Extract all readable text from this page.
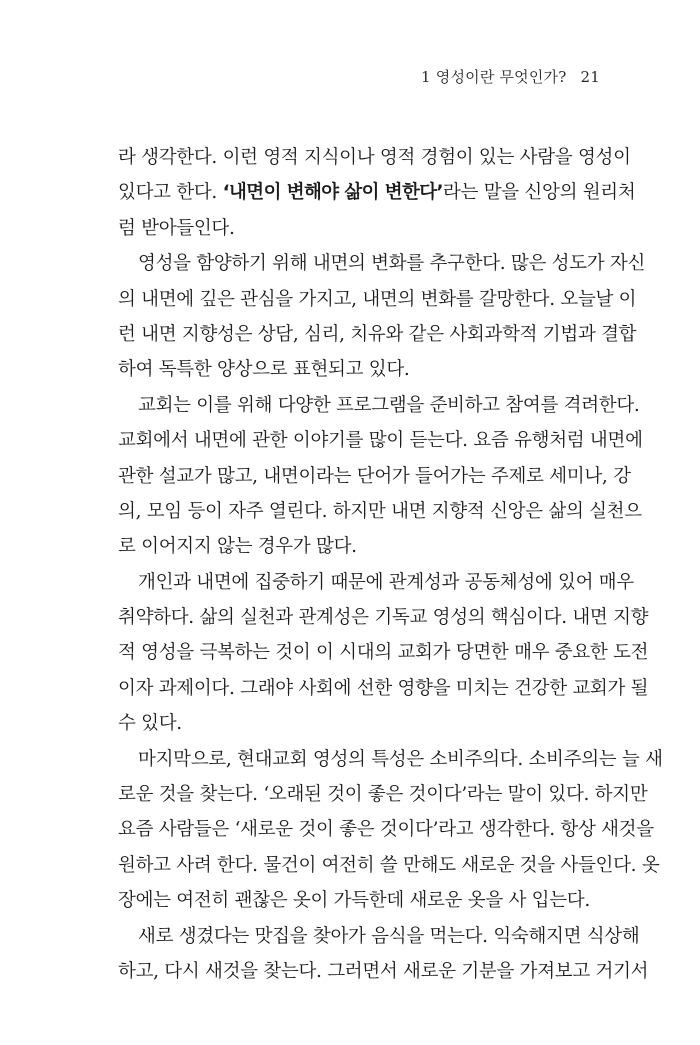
1 영성이란 무엇인가? 21
라 생각한다. 이런 영적 지식이나 영적 경험이 있는 사람을 영성이
있다고 한다. ‘내면이 변해야 삶이 변한다’라는 말을 신앙의 원리처
럼 받아들인다.
영성을 함양하기 위해 내면의 변화를 추구한다. 많은 성도가 자신
의 내면에 깊은 관심을 가지고, 내면의 변화를 갈망한다. 오늘날 이
런 내면 지향성은 상담, 심리, 치유와 같은 사회과학적 기법과 결합
하여 독특한 양상으로 표현되고 있다.
교회는 이를 위해 다양한 프로그램을 준비하고 참여를 격려한다.
교회에서 내면에 관한 이야기를 많이 듣는다. 요즘 유행처럼 내면에
관한 설교가 많고, 내면이라는 단어가 들어가는 주제로 세미나, 강
의, 모임 등이 자주 열린다. 하지만 내면 지향적 신앙은 삶의 실천으
로 이어지지 않는 경우가 많다.
개인과 내면에 집중하기 때문에 관계성과 공동체성에 있어 매우
취약하다. 삶의 실천과 관계성은 기독교 영성의 핵심이다. 내면 지향
적 영성을 극복하는 것이 이 시대의 교회가 당면한 매우 중요한 도전
이자 과제이다. 그래야 사회에 선한 영향을 미치는 건강한 교회가 될
수 있다.
마지막으로, 현대교회 영성의 특성은 소비주의다. 소비주의는 늘 새
로운 것을 찾는다. ‘오래된 것이 좋은 것이다’라는 말이 있다. 하지만
요즘 사람들은 ‘새로운 것이 좋은 것이다’라고 생각한다. 항상 새것을
원하고 사려 한다. 물건이 여전히 쓸 만해도 새로운 것을 사들인다. 옷
장에는 여전히 괜찮은 옷이 가득한데 새로운 옷을 사 입는다.
새로 생겼다는 맛집을 찾아가 음식을 먹는다. 익숙해지면 식상해
하고, 다시 새것을 찾는다. 그러면서 새로운 기분을 가져보고 거기서
